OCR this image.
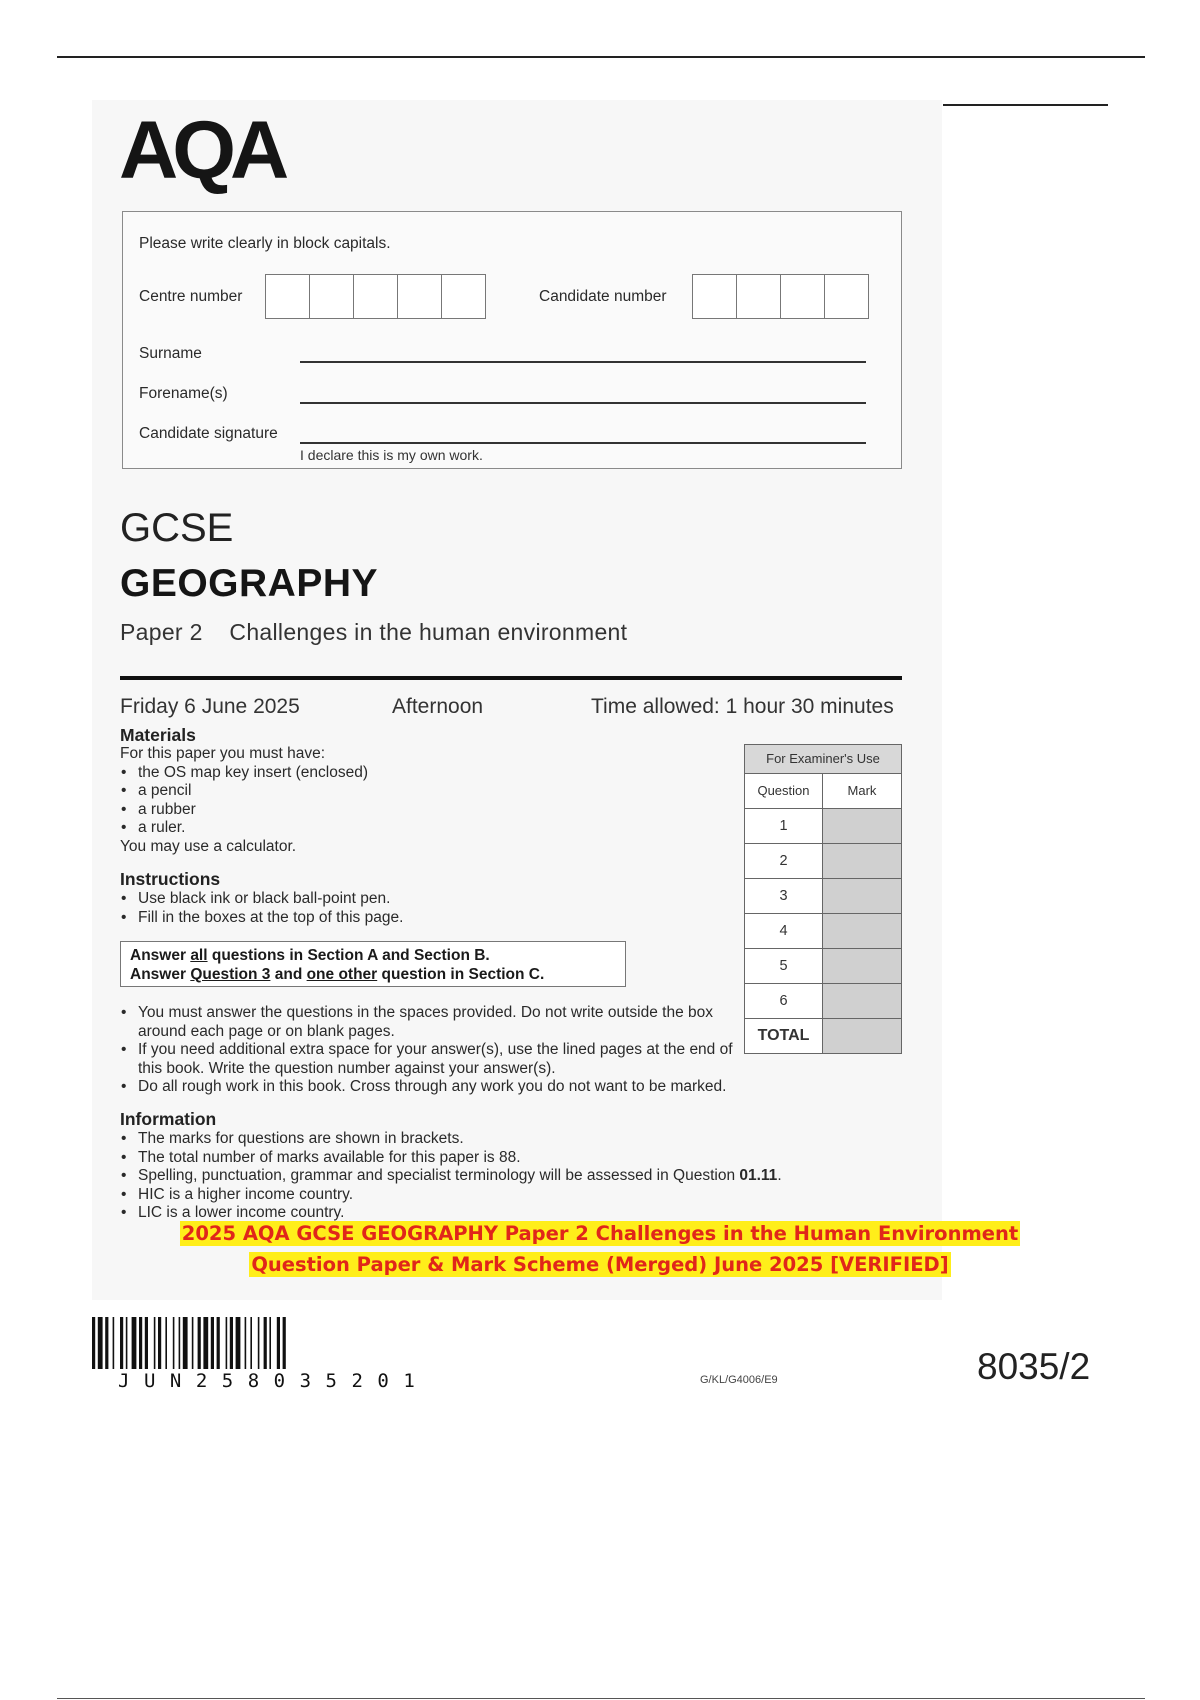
AQA
Please write clearly in block capitals.
Centre number	Candidate number
Surname
Forename(s)
Candidate signature
I declare this is my own work.
GCSE
GEOGRAPHY
Paper 2    Challenges in the human environment
Friday 6 June 2025	Afternoon	Time allowed: 1 hour 30 minutes
Materials
For this paper you must have:
• the OS map key insert (enclosed)
• a pencil
• a rubber
• a ruler.
You may use a calculator.
Instructions
• Use black ink or black ball-point pen.
• Fill in the boxes at the top of this page.
Answer all questions in Section A and Section B.
Answer Question 3 and one other question in Section C.
• You must answer the questions in the spaces provided. Do not write outside the box around each page or on blank pages.
• If you need additional extra space for your answer(s), use the lined pages at the end of this book. Write the question number against your answer(s).
• Do all rough work in this book. Cross through any work you do not want to be marked.
Information
• The marks for questions are shown in brackets.
• The total number of marks available for this paper is 88.
• Spelling, punctuation, grammar and specialist terminology will be assessed in Question 01.11.
• HIC is a higher income country.
• LIC is a lower income country.
For Examiner's Use
Question	Mark
1
2
3
4
5
6
TOTAL
2025 AQA GCSE GEOGRAPHY Paper 2 Challenges in the Human Environment
Question Paper & Mark Scheme (Merged) June 2025 [VERIFIED]
JUN258035201	G/KL/G4006/E9	8035/2
